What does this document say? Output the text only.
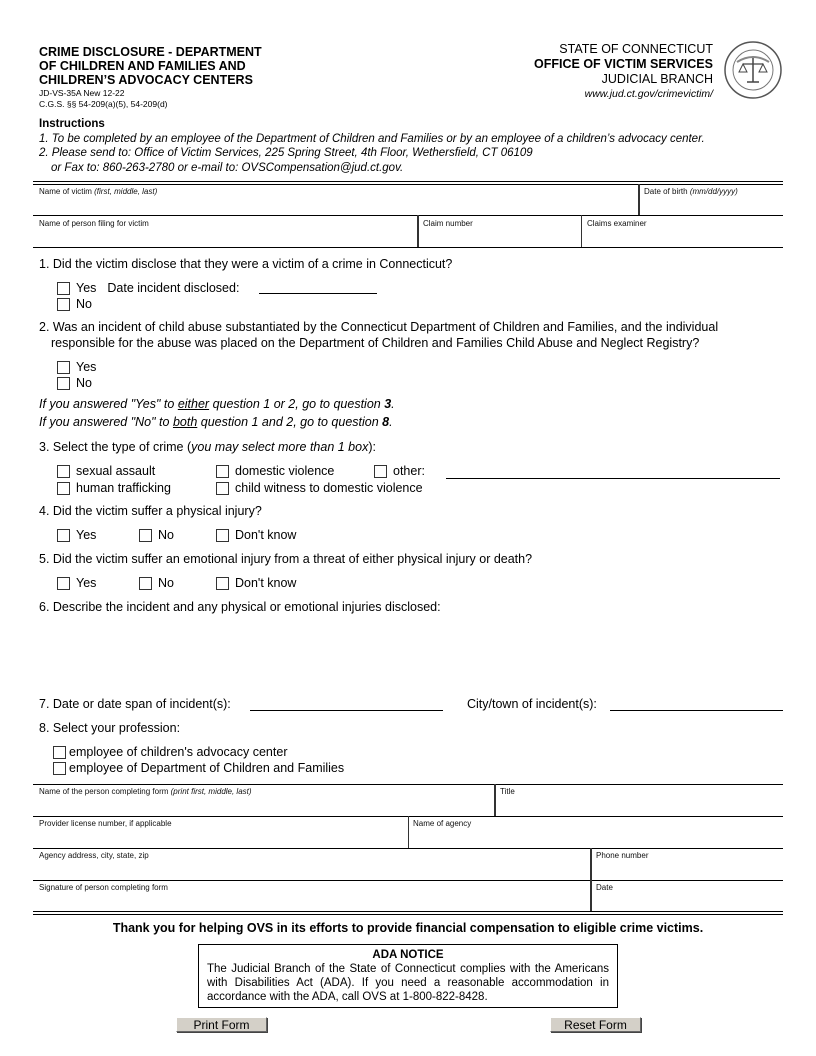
CRIME DISCLOSURE - DEPARTMENT
OF CHILDREN AND FAMILIES AND
CHILDREN’S ADVOCACY CENTERS
JD-VS-35A New 12-22
C.G.S. §§ 54-209(a)(5), 54-209(d)
STATE OF CONNECTICUT
OFFICE OF VICTIM SERVICES
JUDICIAL BRANCH
www.jud.ct.gov/crimevictim/
Instructions
1. To be completed by an employee of the Department of Children and Families or by an employee of a children’s advocacy center.
2. Please send to: Office of Victim Services, 225 Spring Street, 4th Floor, Wethersfield, CT 06109
or Fax to: 860-263-2780 or e-mail to: OVSCompensation@jud.ct.gov.
Name of victim (first, middle, last)	Date of birth (mm/dd/yyyy)
Name of person filing for victim	Claim number	Claims examiner
1. Did the victim disclose that they were a victim of a crime in Connecticut?
Yes Date incident disclosed:
No
2. Was an incident of child abuse substantiated by the Connecticut Department of Children and Families, and the individual
responsible for the abuse was placed on the Department of Children and Families Child Abuse and Neglect Registry?
Yes
No
If you answered "Yes" to either question 1 or 2, go to question 3.
If you answered "No" to both question 1 and 2, go to question 8.
3. Select the type of crime (you may select more than 1 box):
sexual assault	domestic violence	other:
human trafficking	child witness to domestic violence
4. Did the victim suffer a physical injury?
Yes	No	Don't know
5. Did the victim suffer an emotional injury from a threat of either physical injury or death?
Yes	No	Don't know
6. Describe the incident and any physical or emotional injuries disclosed:
7. Date or date span of incident(s):	City/town of incident(s):
8. Select your profession:
employee of children's advocacy center
employee of Department of Children and Families
Name of the person completing form (print first, middle, last)	Title
Provider license number, if applicable	Name of agency
Agency address, city, state, zip	Phone number
Signature of person completing form	Date
Thank you for helping OVS in its efforts to provide financial compensation to eligible crime victims.
ADA NOTICE
The Judicial Branch of the State of Connecticut complies with the Americans with Disabilities Act (ADA). If you need a reasonable accommodation in accordance with the ADA, call OVS at 1-800-822-8428.
Print Form	Reset Form
